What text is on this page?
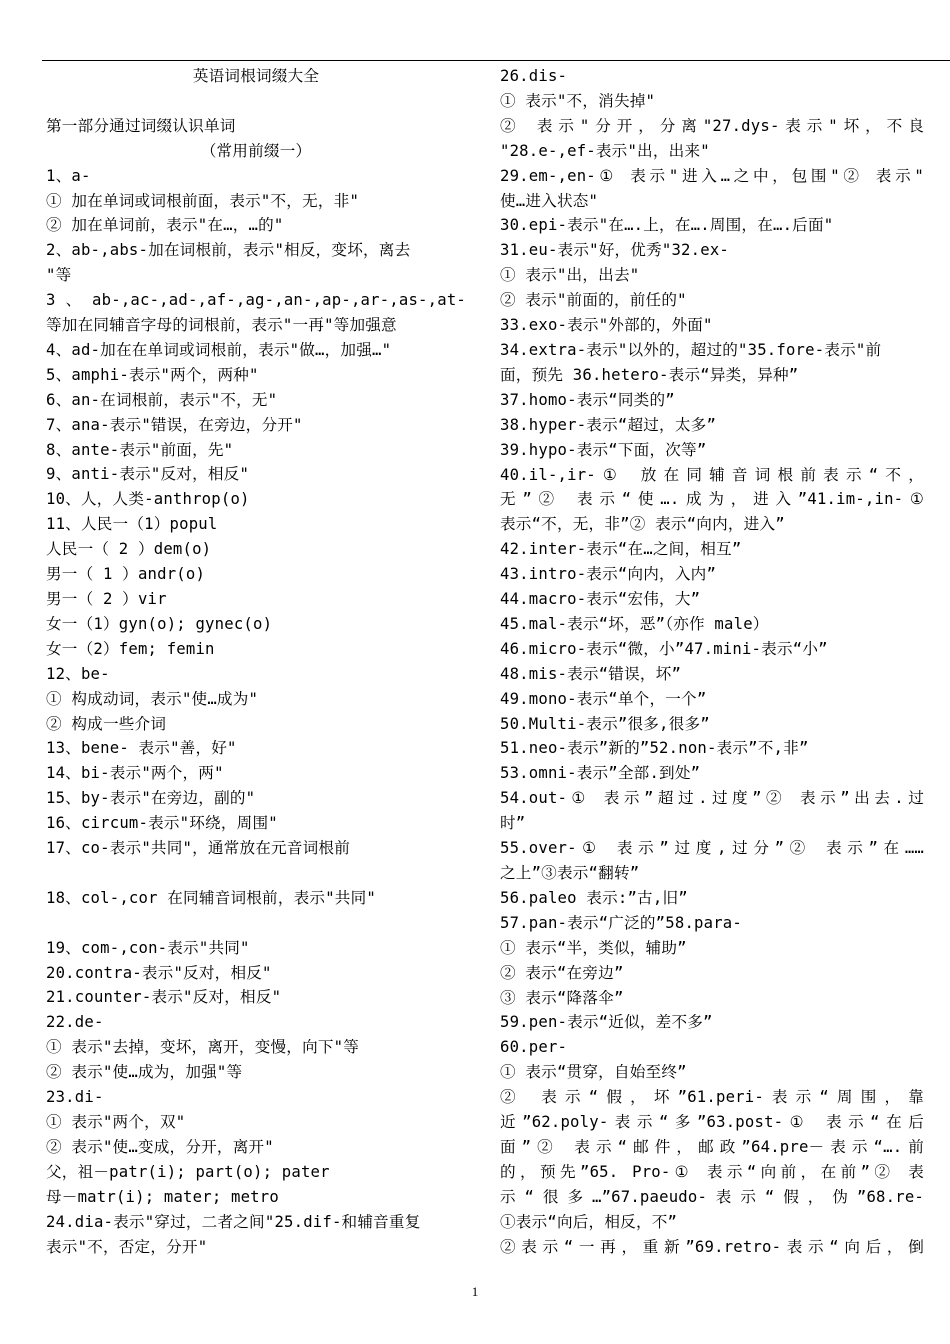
英语词根词缀大全
第一部分通过词缀认识单词
（常用前缀一）
1、a-
① 加在单词或词根前面，表示"不，无，非"
② 加在单词前，表示"在…，…的"
2、ab-,abs-加在词根前，表示"相反，变坏，离去
"等
3 、 ab-,ac-,ad-,af-,ag-,an-,ap-,ar-,as-,at-
等加在同辅音字母的词根前，表示"一再"等加强意
4、ad-加在在单词或词根前，表示"做…，加强…"
5、amphi-表示"两个，两种"
6、an-在词根前，表示"不，无"
7、ana-表示"错误，在旁边，分开"
8、ante-表示"前面，先"
9、anti-表示"反对，相反"
10、人，人类-anthrop(o)
11、人民一（1）popul
人民一（ 2 ）dem(o)
男一（ 1 ）andr(o)
男一（ 2 ）vir
女一（1）gyn(o); gynec(o)
女一（2）fem; femin
12、be-
① 构成动词，表示"使…成为"
② 构成一些介词
13、bene- 表示"善，好"
14、bi-表示"两个，两"
15、by-表示"在旁边，副的"
16、circum-表示"环绕，周围"
17、co-表示"共同"，通常放在元音词根前
18、col-,cor 在同辅音词根前，表示"共同"
19、com-,con-表示"共同"
20.contra-表示"反对，相反"
21.counter-表示"反对，相反"
22.de-
① 表示"去掉，变坏，离开，变慢，向下"等
② 表示"使…成为，加强"等
23.di-
① 表示"两个，双"
② 表示"使…变成，分开，离开"
父，祖－patr(i); part(o); pater
母－matr(i); mater; metro
24.dia-表示"穿过，二者之间"25.dif-和辅音重复
表示"不，否定，分开"
26.dis-
① 表示"不，消失掉"
② 表示"分开，分离"27.dys-表示"坏，不良
"28.e-,ef-表示"出，出来"
29.em-,en-① 表示"进入…之中，包围"② 表示"
使…进入状态"
30.epi-表示"在….上，在….周围，在….后面"
31.eu-表示"好，优秀"32.ex-
① 表示"出，出去"
② 表示"前面的，前任的"
33.exo-表示"外部的，外面"
34.extra-表示"以外的，超过的"35.fore-表示"前
面，预先 36.hetero-表示“异类，异种”
37.homo-表示“同类的”
38.hyper-表示“超过，太多”
39.hypo-表示“下面，次等”
40.il-,ir-① 放在同辅音词根前表示“不，
无”② 表示“使….成为，进入”41.im-,in-①
表示“不，无，非”② 表示“向内，进入”
42.inter-表示“在…之间，相互”
43.intro-表示“向内，入内”
44.macro-表示“宏伟，大”
45.mal-表示“坏，恶”（亦作 male）
46.micro-表示“微，小”47.mini-表示“小”
48.mis-表示“错误，坏”
49.mono-表示“单个，一个”
50.Multi-表示”很多,很多”
51.neo-表示”新的”52.non-表示”不,非”
53.omni-表示”全部.到处”
54.out-① 表示”超过.过度”② 表示”出去.过
时”
55.over-① 表示”过度,过分”② 表示”在……
之上”③表示“翻转”
56.paleo 表示:”古,旧”
57.pan-表示“广泛的”58.para-
① 表示“半，类似，辅助”
② 表示“在旁边”
③ 表示“降落伞”
59.pen-表示“近似，差不多”
60.per-
① 表示“贯穿，自始至终”
② 表示“假，坏”61.peri-表示“周围，靠
近”62.poly-表示“多”63.post-① 表示“在后
面”② 表示“邮件，邮政”64.pre－表示“….前
的，预先”65. Pro-① 表示“向前，在前”② 表
示“很多…”67.paeudo-表示“假，伪”68.re-
①表示“向后，相反，不”
②表示“一再，重新”69.retro-表示“向后，倒
1
